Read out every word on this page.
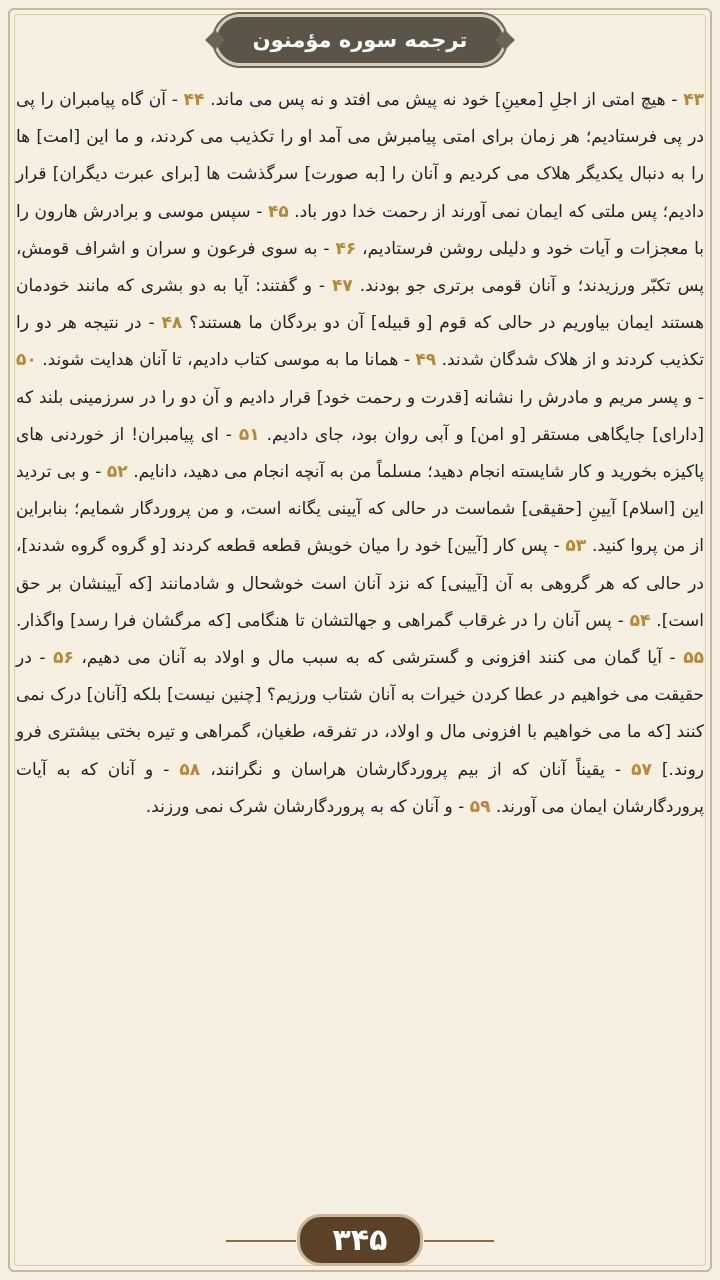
ترجمه سوره مؤمنون
۴۳ - هیچ امتی از اجلِ [معینِ] خود نه پیش می افتد و نه پس می ماند. ۴۴ - آن گاه پیامبران را پی در پی فرستادیم؛ هر زمان برای امتی پیامبرش می آمد او را تکذیب می کردند، و ما این [امت] ها را به دنبال یکدیگر هلاک می کردیم و آنان را [به صورت] سرگذشت ها [برای عبرت دیگران] قرار دادیم؛ پس ملتی که ایمان نمی آورند از رحمت خدا دور باد. ۴۵ - سپس موسی و برادرش هارون را با معجزات و آیات خود و دلیلی روشن فرستادیم، ۴۶ - به سوی فرعون و سران و اشراف قومش، پس تکبّر ورزیدند؛ و آنان قومی برتری جو بودند. ۴۷ - و گفتند: آیا به دو بشری که مانند خودمان هستند ایمان بیاوریم در حالی که قوم [و قبیله] آن دو بردگان ما هستند؟ ۴۸ - در نتیجه هر دو را تکذیب کردند و از هلاک شدگان شدند. ۴۹ - همانا ما به موسی کتاب دادیم، تا آنان هدایت شوند. ۵۰ - و پسر مریم و مادرش را نشانه [قدرت و رحمت خود] قرار دادیم و آن دو را در سرزمینی بلند که [دارای] جایگاهی مستقر [و امن] و آبی روان بود، جای دادیم. ۵۱ - ای پیامبران! از خوردنی های پاکیزه بخورید و کار شایسته انجام دهید؛ مسلماً من به آنچه انجام می دهید، دانایم. ۵۲ - و بی تردید این [اسلام] آیینِ [حقیقی] شماست در حالی که آیینی یگانه است، و من پروردگار شمایم؛ بنابراین از من پروا کنید. ۵۳ - پس کار [آیین] خود را میان خویش قطعه قطعه کردند [و گروه گروه شدند]، در حالی که هر گروهی به آن [آیینی] که نزد آنان است خوشحال و شادمانند [که آیینشان بر حق است]. ۵۴ - پس آنان را در غرقاب گمراهی و جهالتشان تا هنگامی [که مرگشان فرا رسد] واگذار. ۵۵ - آیا گمان می کنند افزونی و گسترشی که به سبب مال و اولاد به آنان می دهیم، ۵۶ - در حقیقت می خواهیم در عطا کردن خیرات به آنان شتاب ورزیم؟ [چنین نیست] بلکه [آنان] درک نمی کنند [که ما می خواهیم با افزونی مال و اولاد، در تفرقه، طغیان، گمراهی و تیره بختی بیشتری فرو روند.] ۵۷ - یقیناً آنان که از بیم پروردگارشان هراسان و نگرانند، ۵۸ - و آنان که به آیات پروردگارشان ایمان می آورند. ۵۹ - و آنان که به پروردگارشان شرک نمی ورزند.
۳۴۵
